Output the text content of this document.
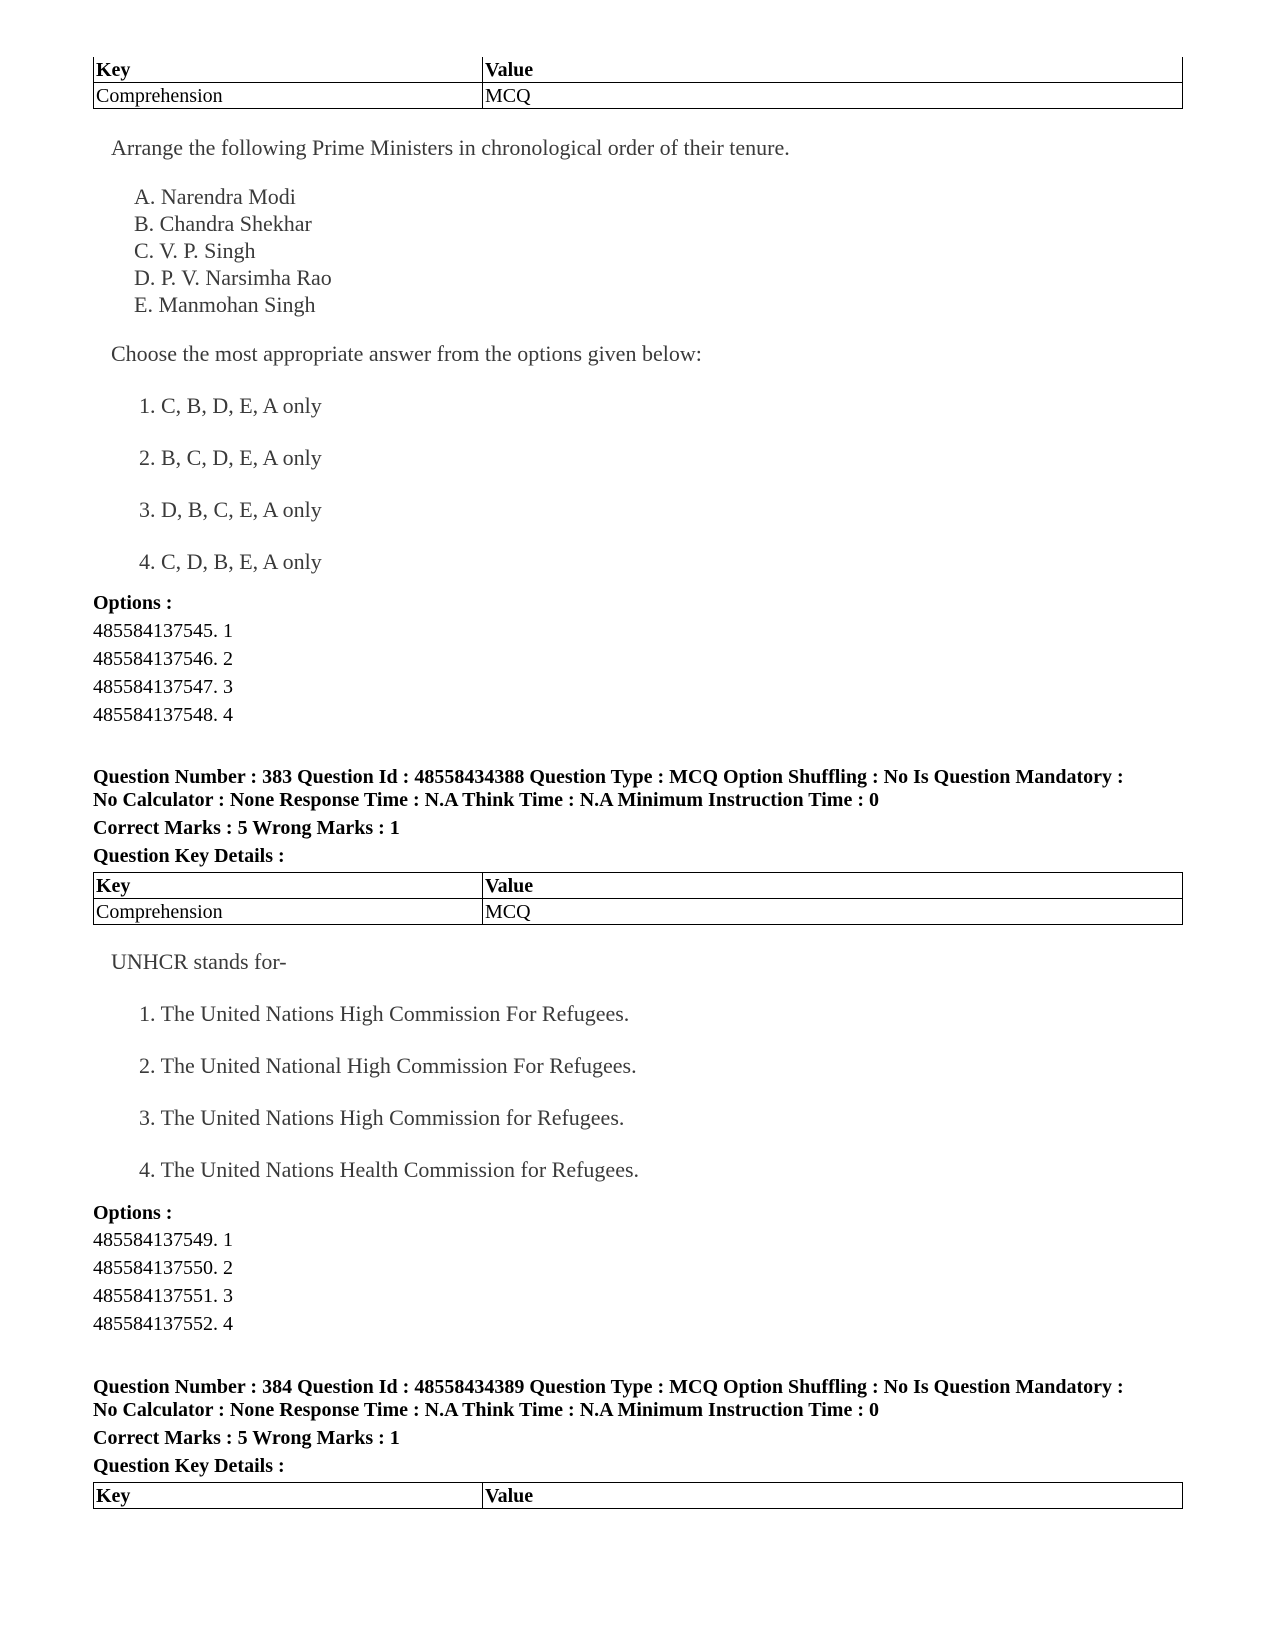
Key	Value
Comprehension	MCQ
Arrange the following Prime Ministers in chronological order of their tenure.
A. Narendra Modi
B. Chandra Shekhar
C. V. P. Singh
D. P. V. Narsimha Rao
E. Manmohan Singh
Choose the most appropriate answer from the options given below:
1. C, B, D, E, A only
2. B, C, D, E, A only
3. D, B, C, E, A only
4. C, D, B, E, A only
Options :
485584137545. 1
485584137546. 2
485584137547. 3
485584137548. 4
Question Number : 383 Question Id : 48558434388 Question Type : MCQ Option Shuffling : No Is Question Mandatory :
No Calculator : None Response Time : N.A Think Time : N.A Minimum Instruction Time : 0
Correct Marks : 5 Wrong Marks : 1
Question Key Details :
Key	Value
Comprehension	MCQ
UNHCR stands for-
1. The United Nations High Commission For Refugees.
2. The United National High Commission For Refugees.
3. The United Nations High Commission for Refugees.
4. The United Nations Health Commission for Refugees.
Options :
485584137549. 1
485584137550. 2
485584137551. 3
485584137552. 4
Question Number : 384 Question Id : 48558434389 Question Type : MCQ Option Shuffling : No Is Question Mandatory :
No Calculator : None Response Time : N.A Think Time : N.A Minimum Instruction Time : 0
Correct Marks : 5 Wrong Marks : 1
Question Key Details :
Key	Value
